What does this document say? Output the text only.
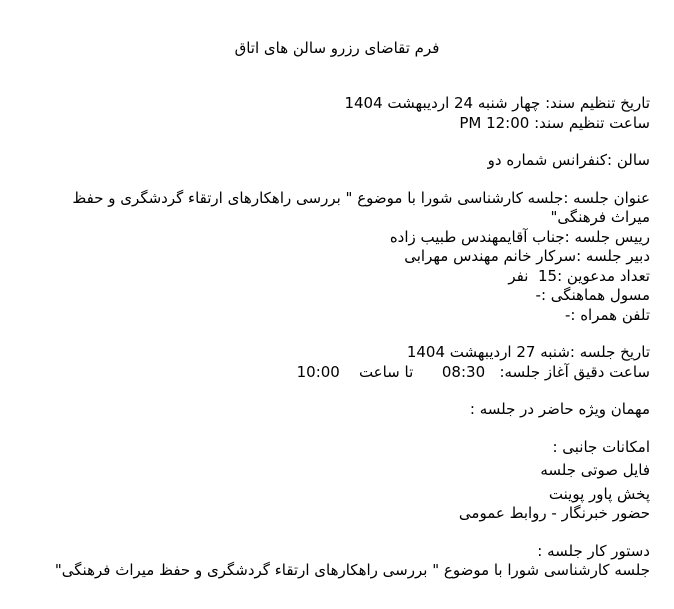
فرم تقاضای رزرو سالن های اتاق
تاریخ تنظیم سند: چهار شنبه 24 اردیبهشت 1404
ساعت تنظیم سند: 12:00 PM
سالن :کنفرانس شماره دو
عنوان جلسه :جلسه کارشناسی شورا با موضوع " بررسی راهکارهای ارتقاء گردشگری و حفظ میراث فرهنگی"
رییس جلسه :جناب آقایمهندس طبیب زاده
دبیر جلسه :سرکار خانم مهندس مهرابی
تعداد مدعوین :15  نفر
مسول هماهنگی :-
تلفن همراه :-
تاریخ جلسه :شنبه 27 اردیبهشت 1404
ساعت دقیق آغاز جلسه:   08:30      تا ساعت    10:00
مهمان ویژه حاضر در جلسه :
امکانات جانبی :
فایل صوتی جلسه
پخش پاور پوینت
حضور خبرنگار - روابط عمومی
دستور کار جلسه :
جلسه کارشناسی شورا با موضوع " بررسی راهکارهای ارتقاء گردشگری و حفظ میراث فرهنگی"
